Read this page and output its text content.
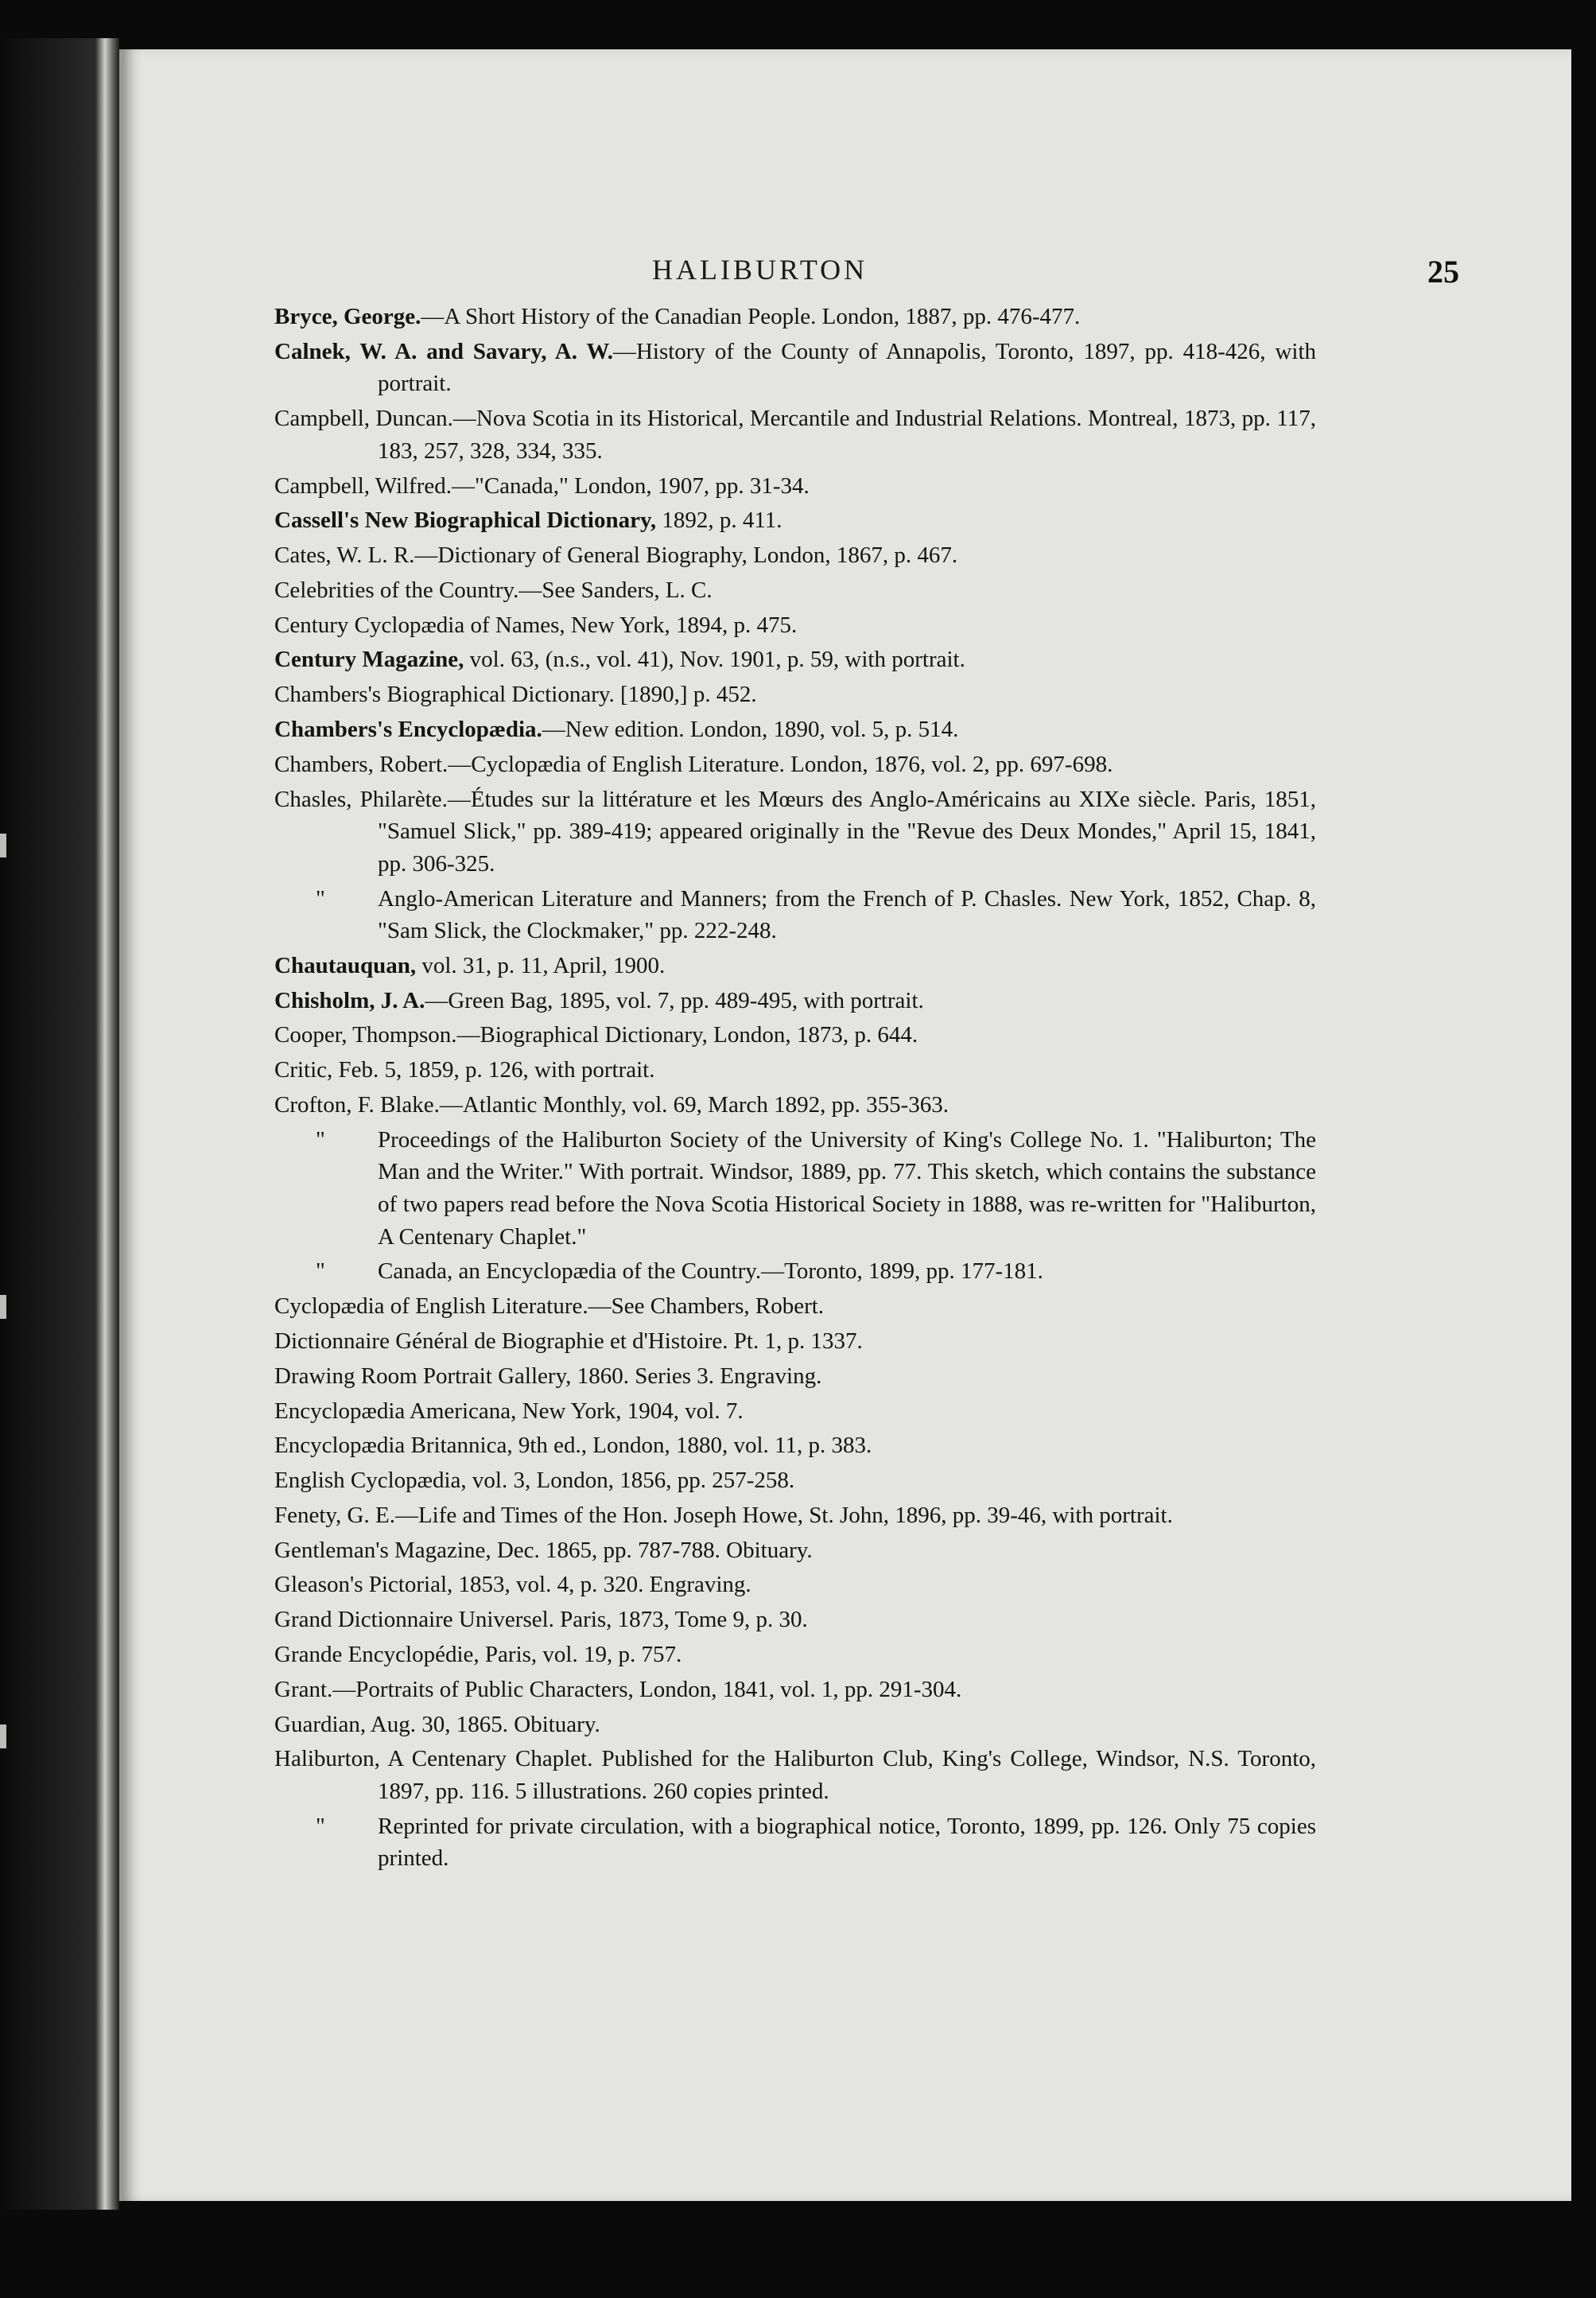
HALIBURTON	25

Bryce, George.—A Short History of the Canadian People. London, 1887, pp. 476-477.

Calnek, W. A. and Savary, A. W.—History of the County of Annapolis, Toronto, 1897, pp. 418-426, with portrait.

Campbell, Duncan.—Nova Scotia in its Historical, Mercantile and Industrial Relations. Montreal, 1873, pp. 117, 183, 257, 328, 334, 335.

Campbell, Wilfred.—"Canada," London, 1907, pp. 31-34.

Cassell's New Biographical Dictionary, 1892, p. 411.

Cates, W. L. R.—Dictionary of General Biography, London, 1867, p. 467.

Celebrities of the Country.—See Sanders, L. C.

Century Cyclopædia of Names, New York, 1894, p. 475.

Century Magazine, vol. 63, (n.s., vol. 41), Nov. 1901, p. 59, with portrait.

Chambers's Biographical Dictionary. [1890,] p. 452.

Chambers's Encyclopædia.—New edition. London, 1890, vol. 5, p. 514.

Chambers, Robert.—Cyclopædia of English Literature. London, 1876, vol. 2, pp. 697-698.

Chasles, Philarète.—Études sur la littérature et les Mœurs des Anglo-Américains au XIXe siècle. Paris, 1851, "Samuel Slick," pp. 389-419; appeared originally in the "Revue des Deux Mondes," April 15, 1841, pp. 306-325.

" Anglo-American Literature and Manners; from the French of P. Chasles. New York, 1852, Chap. 8, "Sam Slick, the Clockmaker," pp. 222-248.

Chautauquan, vol. 31, p. 11, April, 1900.

Chisholm, J. A.—Green Bag, 1895, vol. 7, pp. 489-495, with portrait.

Cooper, Thompson.—Biographical Dictionary, London, 1873, p. 644.

Critic, Feb. 5, 1859, p. 126, with portrait.

Crofton, F. Blake.—Atlantic Monthly, vol. 69, March 1892, pp. 355-363.

" Proceedings of the Haliburton Society of the University of King's College No. 1. "Haliburton; The Man and the Writer." With portrait. Windsor, 1889, pp. 77. This sketch, which contains the substance of two papers read before the Nova Scotia Historical Society in 1888, was re-written for "Haliburton, A Centenary Chaplet."

" Canada, an Encyclopædia of the Country.—Toronto, 1899, pp. 177-181.

Cyclopædia of English Literature.—See Chambers, Robert.

Dictionnaire Général de Biographie et d'Histoire. Pt. 1, p. 1337.

Drawing Room Portrait Gallery, 1860. Series 3. Engraving.

Encyclopædia Americana, New York, 1904, vol. 7.

Encyclopædia Britannica, 9th ed., London, 1880, vol. 11, p. 383.

English Cyclopædia, vol. 3, London, 1856, pp. 257-258.

Fenety, G. E.—Life and Times of the Hon. Joseph Howe, St. John, 1896, pp. 39-46, with portrait.

Gentleman's Magazine, Dec. 1865, pp. 787-788. Obituary.

Gleason's Pictorial, 1853, vol. 4, p. 320. Engraving.

Grand Dictionnaire Universel. Paris, 1873, Tome 9, p. 30.

Grande Encyclopédie, Paris, vol. 19, p. 757.

Grant.—Portraits of Public Characters, London, 1841, vol. 1, pp. 291-304.

Guardian, Aug. 30, 1865. Obituary.

Haliburton, A Centenary Chaplet. Published for the Haliburton Club, King's College, Windsor, N.S. Toronto, 1897, pp. 116. 5 illustrations. 260 copies printed.

" Reprinted for private circulation, with a biographical notice, Toronto, 1899, pp. 126. Only 75 copies printed.
